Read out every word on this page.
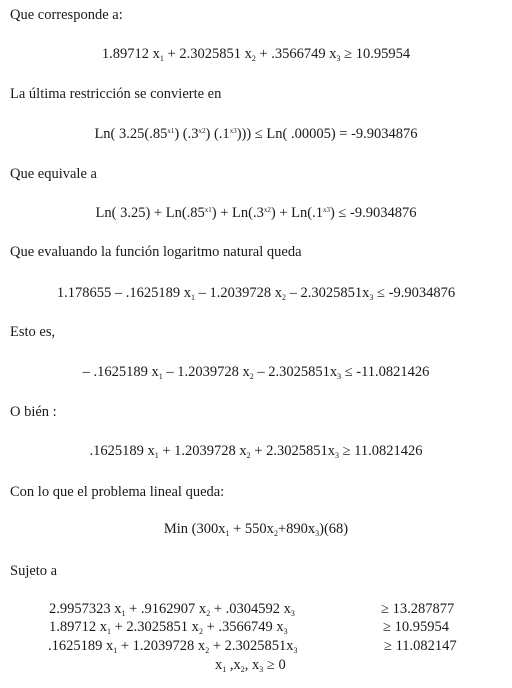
Que corresponde a:
1.89712 $x_1 + 2.3025851$ $x_2 + .3566749$ $x_3 \ge 10.95954$
La última restricción se convierte en
Ln( $3.25(.85^{x1})$ $(.3^{x2}) (.1^{x3}))) \le Ln$( .00005) = -9.9034876
Que equivale a
Ln( $3.25) + Ln(.85^{x1}) + Ln(.3^{x2}) + Ln(.1^{x3}) \le -9.9034876$
Que evaluando la función logaritmo natural queda
1.178655 – .1625189 $x_1 - 1.2039728$ $x_2 - 2.3025851x_3 \le -9.9034876$
Esto es,
– .1625189 $x_1 - 1.2039728$ $x_2 - 2.3025851x_3 \le -11.0821426$
O bién :
.1625189 $x_1 + 1.2039728$ $x_2 + 2.3025851x_3 \ge 11.0821426$
Con lo que el problema lineal queda:
Min $(300x_1 + 550x_2+890x_3)(68)$
Sujeto a
2.9957323 $x_1 + .9162907$ $x_2 + .0304592$ $x_3$	≥ 13.287877
1.89712 $x_1 + 2.3025851$ $x_2 + .3566749$ $x_3$	≥ 10.95954
.1625189 $x_1 + 1.2039728$ $x_2 + 2.3025851x_3$	≥ 11.082147
$x_1$ $,x_2$, $x_3 \ge 0$
